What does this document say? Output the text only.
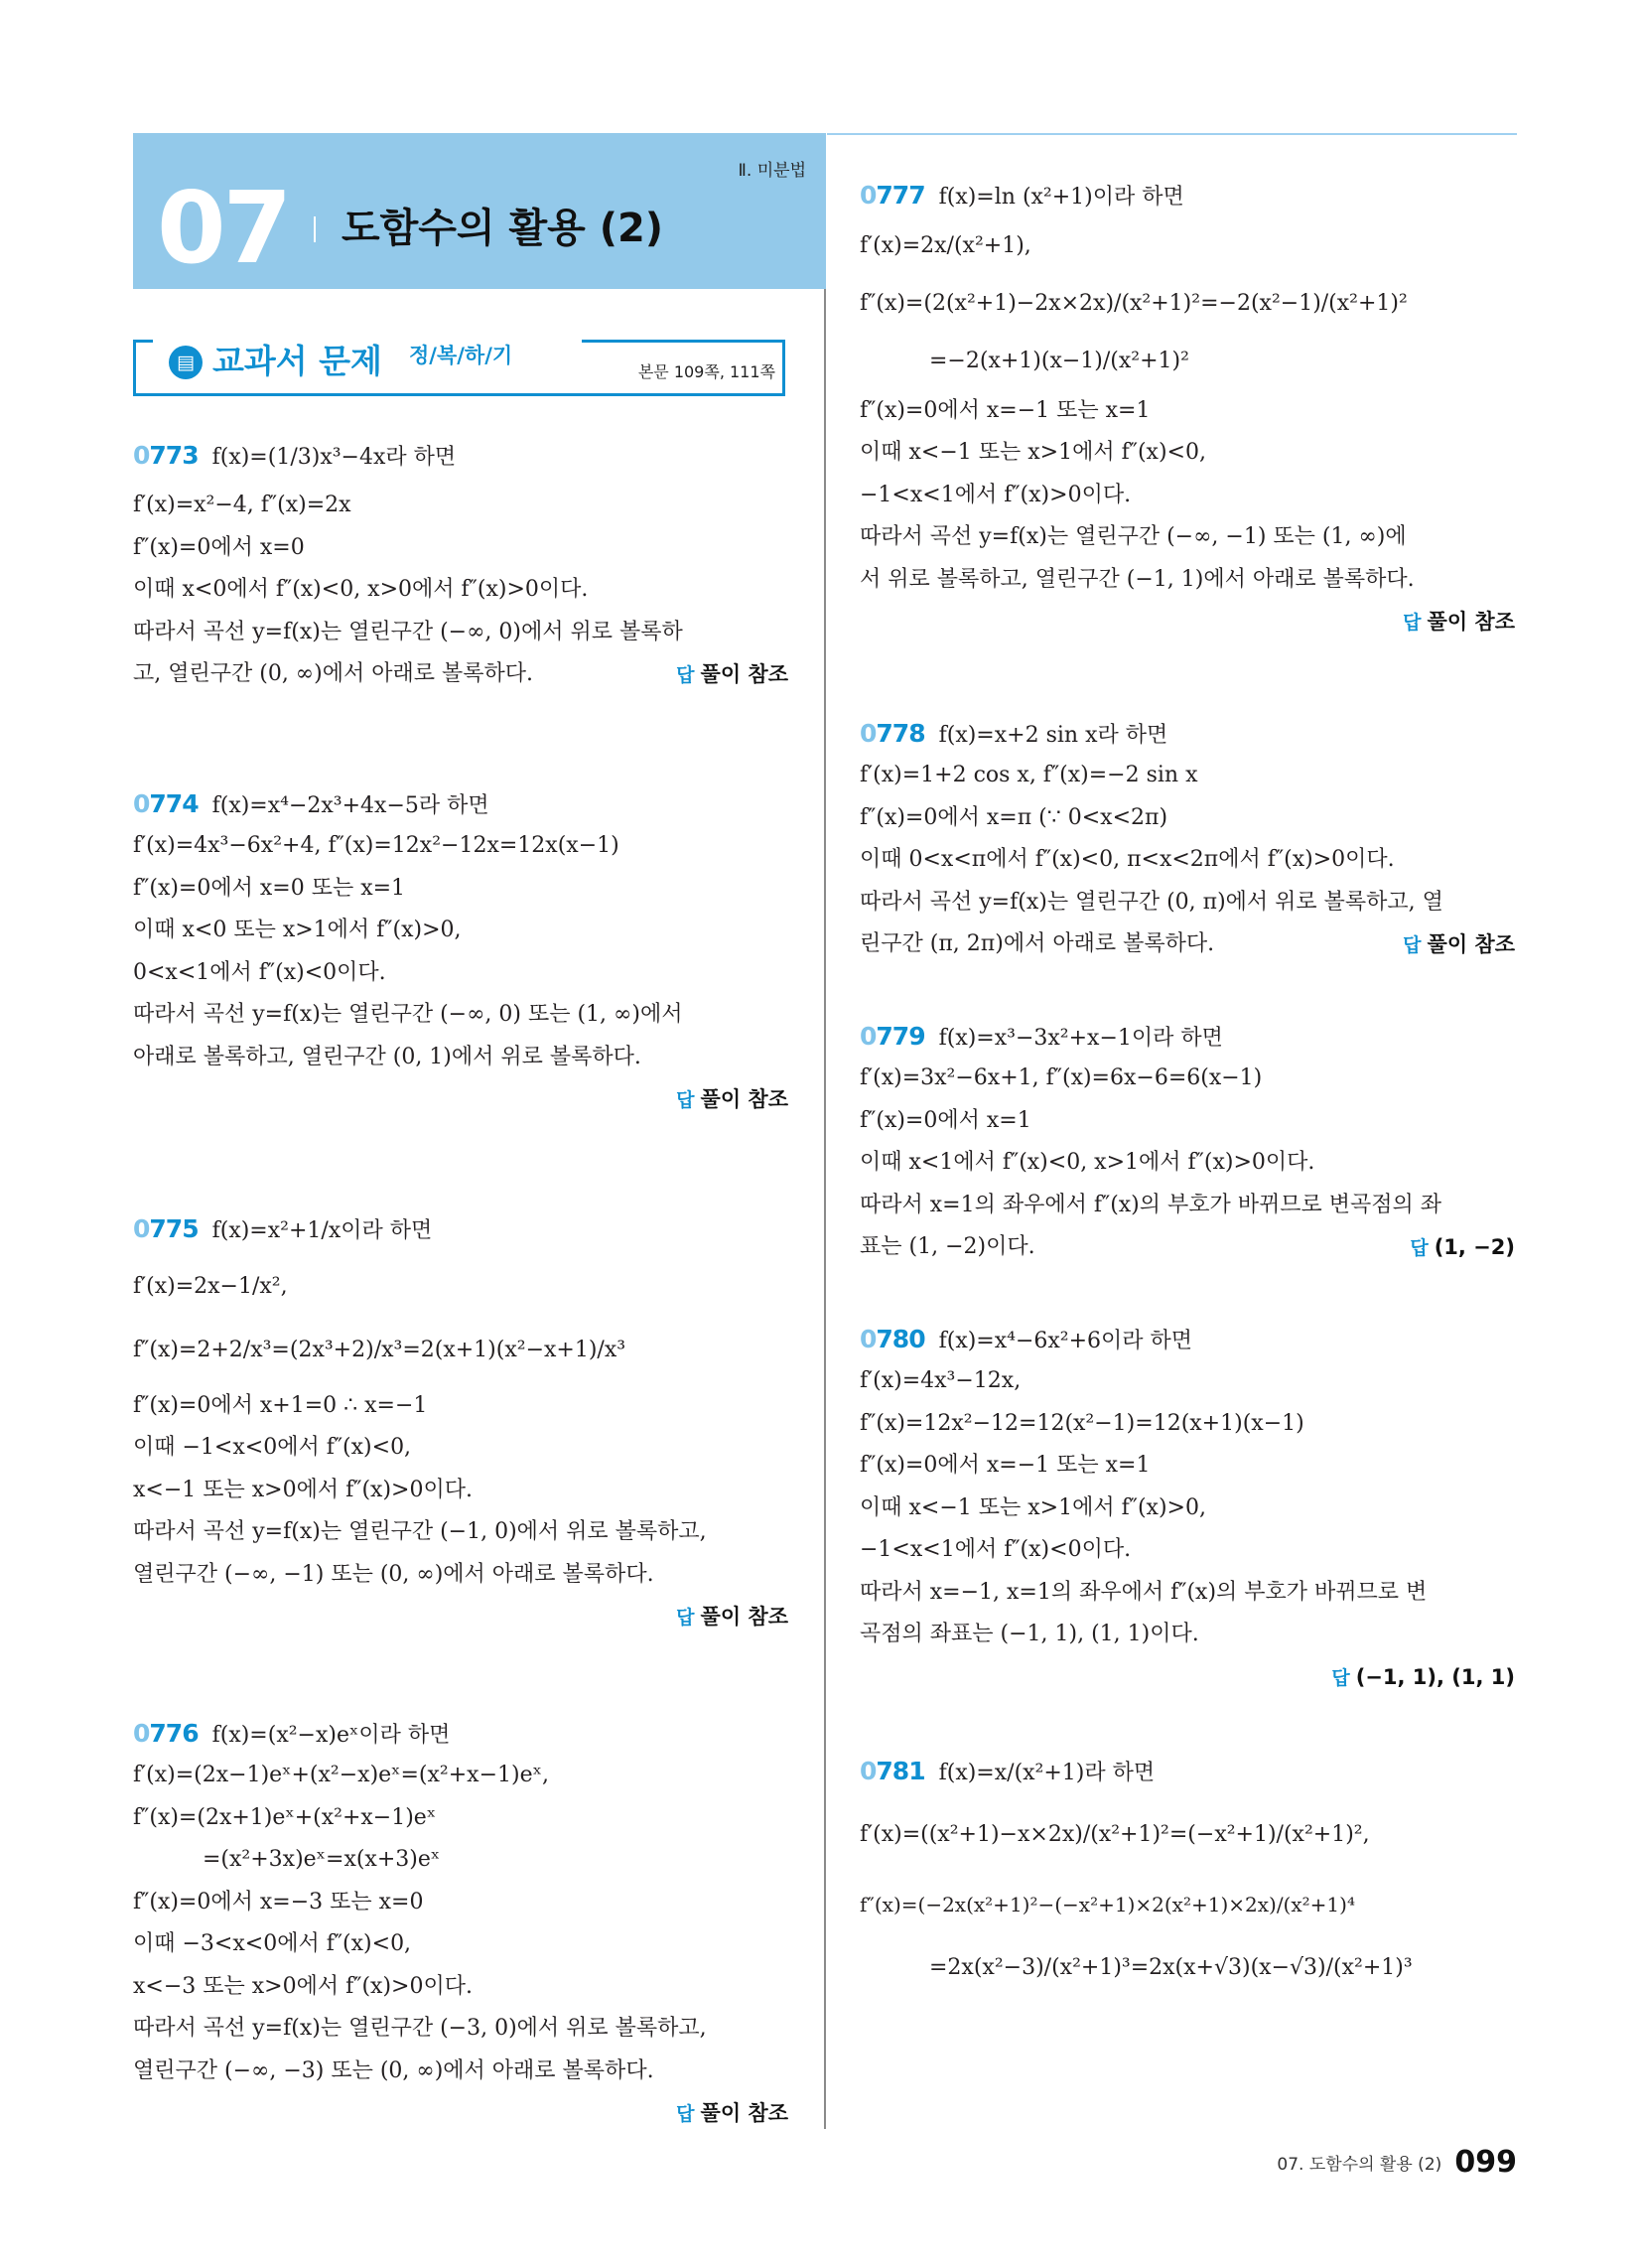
07 도함수의 활용 (2)
Ⅱ. 미분법
▤ 교과서 문제 정/복/하/기
본문 109쪽, 111쪽
0773 f(x)=(1/3)x³−4x라 하면
f′(x)=x²−4, f″(x)=2x
f″(x)=0에서 x=0
이때 x<0에서 f″(x)<0, x>0에서 f″(x)>0이다.
따라서 곡선 y=f(x)는 열린구간 (−∞, 0)에서 위로 볼록하
고, 열린구간 (0, ∞)에서 아래로 볼록하다.	답 풀이 참조
0774 f(x)=x⁴−2x³+4x−5라 하면
f′(x)=4x³−6x²+4, f″(x)=12x²−12x=12x(x−1)
f″(x)=0에서 x=0 또는 x=1
이때 x<0 또는 x>1에서 f″(x)>0,
0<x<1에서 f″(x)<0이다.
따라서 곡선 y=f(x)는 열린구간 (−∞, 0) 또는 (1, ∞)에서
아래로 볼록하고, 열린구간 (0, 1)에서 위로 볼록하다.
답 풀이 참조
0775 f(x)=x²+1/x이라 하면
f′(x)=2x−1/x²,
f″(x)=2+2/x³=(2x³+2)/x³=2(x+1)(x²−x+1)/x³
f″(x)=0에서 x+1=0 ∴ x=−1
이때 −1<x<0에서 f″(x)<0,
x<−1 또는 x>0에서 f″(x)>0이다.
따라서 곡선 y=f(x)는 열린구간 (−1, 0)에서 위로 볼록하고,
열린구간 (−∞, −1) 또는 (0, ∞)에서 아래로 볼록하다.
답 풀이 참조
0776 f(x)=(x²−x)eˣ이라 하면
f′(x)=(2x−1)eˣ+(x²−x)eˣ=(x²+x−1)eˣ,
f″(x)=(2x+1)eˣ+(x²+x−1)eˣ
=(x²+3x)eˣ=x(x+3)eˣ
f″(x)=0에서 x=−3 또는 x=0
이때 −3<x<0에서 f″(x)<0,
x<−3 또는 x>0에서 f″(x)>0이다.
따라서 곡선 y=f(x)는 열린구간 (−3, 0)에서 위로 볼록하고,
열린구간 (−∞, −3) 또는 (0, ∞)에서 아래로 볼록하다.
답 풀이 참조
0777 f(x)=ln (x²+1)이라 하면
f′(x)=2x/(x²+1),
f″(x)=(2(x²+1)−2x×2x)/(x²+1)²=−2(x²−1)/(x²+1)²
=−2(x+1)(x−1)/(x²+1)²
f″(x)=0에서 x=−1 또는 x=1
이때 x<−1 또는 x>1에서 f″(x)<0,
−1<x<1에서 f″(x)>0이다.
따라서 곡선 y=f(x)는 열린구간 (−∞, −1) 또는 (1, ∞)에
서 위로 볼록하고, 열린구간 (−1, 1)에서 아래로 볼록하다.
답 풀이 참조
0778 f(x)=x+2 sin x라 하면
f′(x)=1+2 cos x, f″(x)=−2 sin x
f″(x)=0에서 x=π (∵ 0<x<2π)
이때 0<x<π에서 f″(x)<0, π<x<2π에서 f″(x)>0이다.
따라서 곡선 y=f(x)는 열린구간 (0, π)에서 위로 볼록하고, 열
린구간 (π, 2π)에서 아래로 볼록하다.	답 풀이 참조
0779 f(x)=x³−3x²+x−1이라 하면
f′(x)=3x²−6x+1, f″(x)=6x−6=6(x−1)
f″(x)=0에서 x=1
이때 x<1에서 f″(x)<0, x>1에서 f″(x)>0이다.
따라서 x=1의 좌우에서 f″(x)의 부호가 바뀌므로 변곡점의 좌
표는 (1, −2)이다.	답 (1, −2)
0780 f(x)=x⁴−6x²+6이라 하면
f′(x)=4x³−12x,
f″(x)=12x²−12=12(x²−1)=12(x+1)(x−1)
f″(x)=0에서 x=−1 또는 x=1
이때 x<−1 또는 x>1에서 f″(x)>0,
−1<x<1에서 f″(x)<0이다.
따라서 x=−1, x=1의 좌우에서 f″(x)의 부호가 바뀌므로 변
곡점의 좌표는 (−1, 1), (1, 1)이다.
답 (−1, 1), (1, 1)
0781 f(x)=x/(x²+1)라 하면
f′(x)=((x²+1)−x×2x)/(x²+1)²=(−x²+1)/(x²+1)²,
f″(x)=(−2x(x²+1)²−(−x²+1)×2(x²+1)×2x)/(x²+1)⁴
=2x(x²−3)/(x²+1)³=2x(x+√3)(x−√3)/(x²+1)³
07. 도함수의 활용 (2) 099
